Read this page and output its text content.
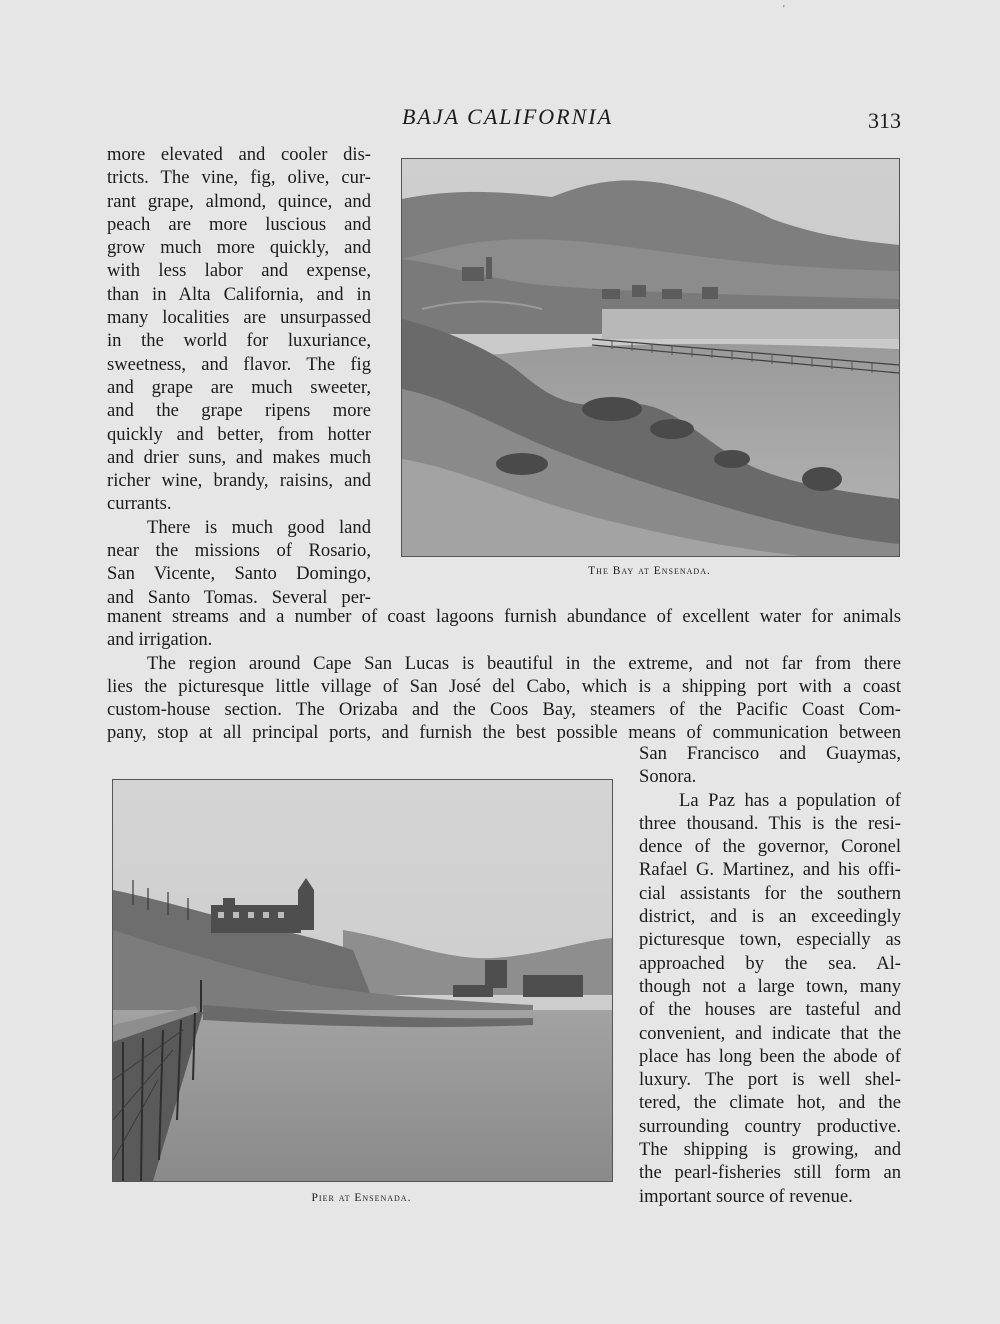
'
BAJA CALIFORNIA	313
more elevated and cooler dis-
tricts. The vine, fig, olive, cur-
rant grape, almond, quince, and
peach are more luscious and
grow much more quickly, and
with less labor and expense,
than in Alta California, and in
many localities are unsurpassed
in the world for luxuriance,
sweetness, and flavor. The fig
and grape are much sweeter,
and the grape ripens more
quickly and better, from hotter
and drier suns, and makes much
richer wine, brandy, raisins, and
currants.
There is much good land
near the missions of Rosario,
San Vicente, Santo Domingo,
and Santo Tomas. Several per-
The Bay at Ensenada.
manent streams and a number of coast lagoons furnish abundance of excellent water for animals
and irrigation.
The region around Cape San Lucas is beautiful in the extreme, and not far from there
lies the picturesque little village of San José del Cabo, which is a shipping port with a coast
custom-house section. The Orizaba and the Coos Bay, steamers of the Pacific Coast Com-
pany, stop at all principal ports, and furnish the best possible means of communication between
Pier at Ensenada.
San Francisco and Guaymas,
Sonora.
La Paz has a population of
three thousand. This is the resi-
dence of the governor, Coronel
Rafael G. Martinez, and his offi-
cial assistants for the southern
district, and is an exceedingly
picturesque town, especially as
approached by the sea. Al-
though not a large town, many
of the houses are tasteful and
convenient, and indicate that the
place has long been the abode of
luxury. The port is well shel-
tered, the climate hot, and the
surrounding country productive.
The shipping is growing, and
the pearl-fisheries still form an
important source of revenue.
